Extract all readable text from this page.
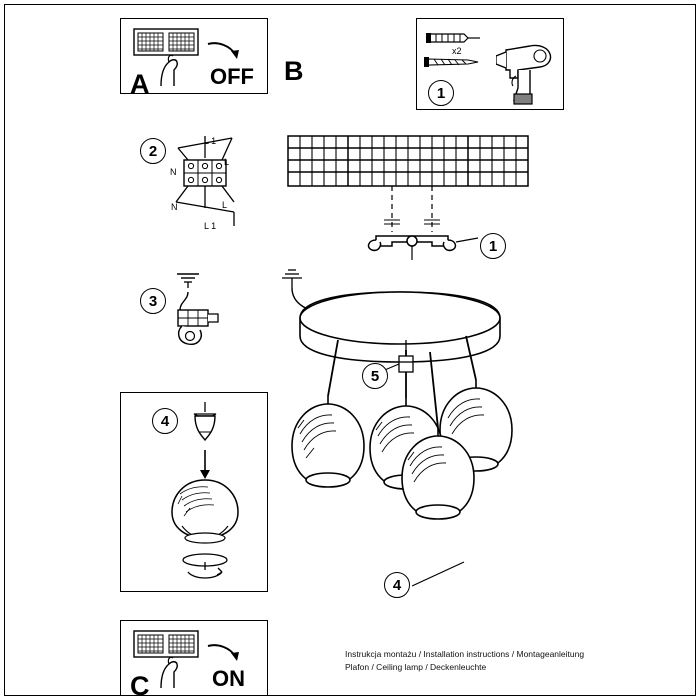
OFF
A	B
x2
1
2
N
L
N	L
L 1
L 1
3
4
ON
C
1
5
4
Instrukcja montażu / Installation instructions / Montageanleitung
Plafon / Ceiling lamp / Deckenleuchte
